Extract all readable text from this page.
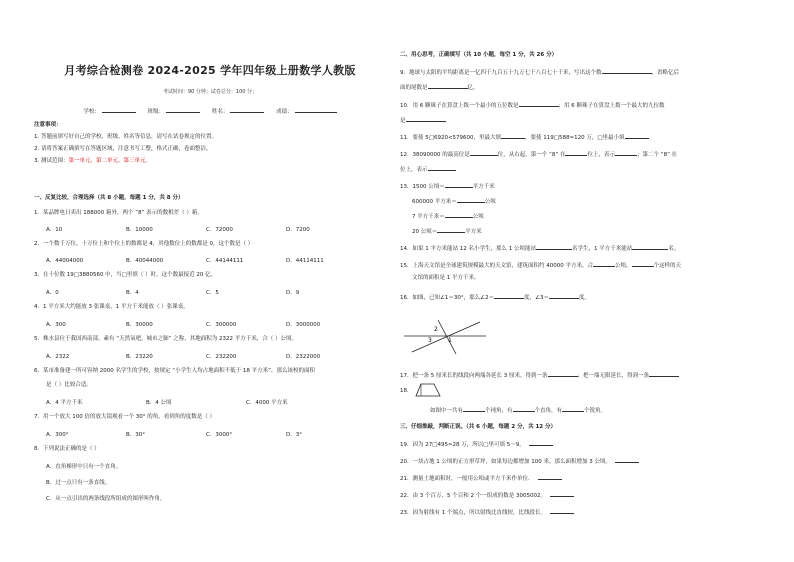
月考综合检测卷 2024-2025 学年四年级上册数学人教版
考试时间：90 分钟；试卷总分：100 分；
学校：	班级：	姓名：	成绩：
注意事项：
1. 答题前填写好自己的学校、班级、姓名等信息，请写在试卷规定的位置。
2. 请将答案正确填写在答题区域，注意书写工整，格式正确，卷面整洁。
3. 测试范围：第一单元、第二单元、第三单元。
一、反复比较，合理选择（共 8 小题，每题 1 分，共 8 分）
1．某品牌电日卖出 188000 箱外，两个 “8” 表示的数相差（ ）箱。
A．10	B．10000	C．72000	D．7200
2．一个数千万位，十万位上和个位上的数都是 4，其他数位上的数都是 0，这个数是（ ）
A．44004000	B．40044000	C．44144111	D．44114111
3．在十位数 19□3880560 中，当□里填（ ）时，这个数最接近 20 亿。
A．0	B．4	C．5	D．9
4．1 平方米大约能放 3 张课桌，1 平方千米能放（ ）张课桌。
A．300	B．30000	C．300000	D．3000000
5．株水县位于我国西南部，素有 “天然氧吧，城市之肺” 之称，其地面积为 2322 平方千米，合（ ）公顷。
A．2322	B．23220	C．232200	D．2322000
6．某市准备建一所可容纳 2000 名学生的学校，按规定 “小学生人均占地面积不低于 18 平方米”，那么该校的面积
是（ ）比较合适。
A．4 平方千米	B．4 公顷	C．4000 平方米
7．用一个放大 100 倍的放大镜观看一个 30° 的角，看到角的度数是（ ）
A．300°	B．30°	C．3000°	D．3°
8．下列说法正确的是（ ）
A．直角梯形中只有一个直角。
B．过一点只有一条直线。
C．从一点引出的两条线段所组成的图形叫作角。
二、用心思考，正确填写（共 10 小题，每空 1 分，共 26 分）
9．地球与太阳的平均距离是一亿四千九百五十九万七千八百七十千米，写出这个数	，省略亿后
面的尾数是	亿。
10．用 6 颗珠子在算盘上拨一个最小的五位数是	；用 6 颗珠子在算盘上拨一个最大的九位数
是
11．要使 5□6920<579600，里最大填	，要使 119□588≈120 万，□里最小填
12．38090000 的最高位是	位，从右起，第一个 “8” 在	位上，表示	；第二个 “8” 在
位上，表示
13．1500 公顷＝	平方千米
600000 平方米＝	公顷
7 平方千米＝	公顷
20 公顷＝	平方米
14．如果 1 平方米能站 12 名小学生，那么 1 公顷能站	名学生，1 平方千米能站	名。
15．上海天文馆是全球建筑规模最大的天文馆，建筑面积约 40000 平方米，合	公顷，	个这样的天
文馆的面积是 1 平方千米。
16．如图，已知∠1＝30°，那么∠2＝	度，∠3＝	度。
2
3	1
17．把一条 5 厘米长的线段向两端各延长 3 厘米，得到一条	；把一端无限延长，得到一条
18．
如图中一共有	个钝角，有	个直角，有	个锐角。
三、仔细推敲，判断正误。（共 6 小题，每题 2 分，共 12 分）
19．因为 27□495≈28 万，所以□里可填 5～9。
20．一块占地 1 公顷的正方形草坪，如果每边都增加 100 米，那么面积增加 3 公顷。
21．测量土地面积时，一般用公顷或平方千米作单位．
22．由 3 个百万、5 个百和 2 个一组成的数是 3005002。
23．因为射线有 1 个端点，所以射线比直线短，比线段长。
